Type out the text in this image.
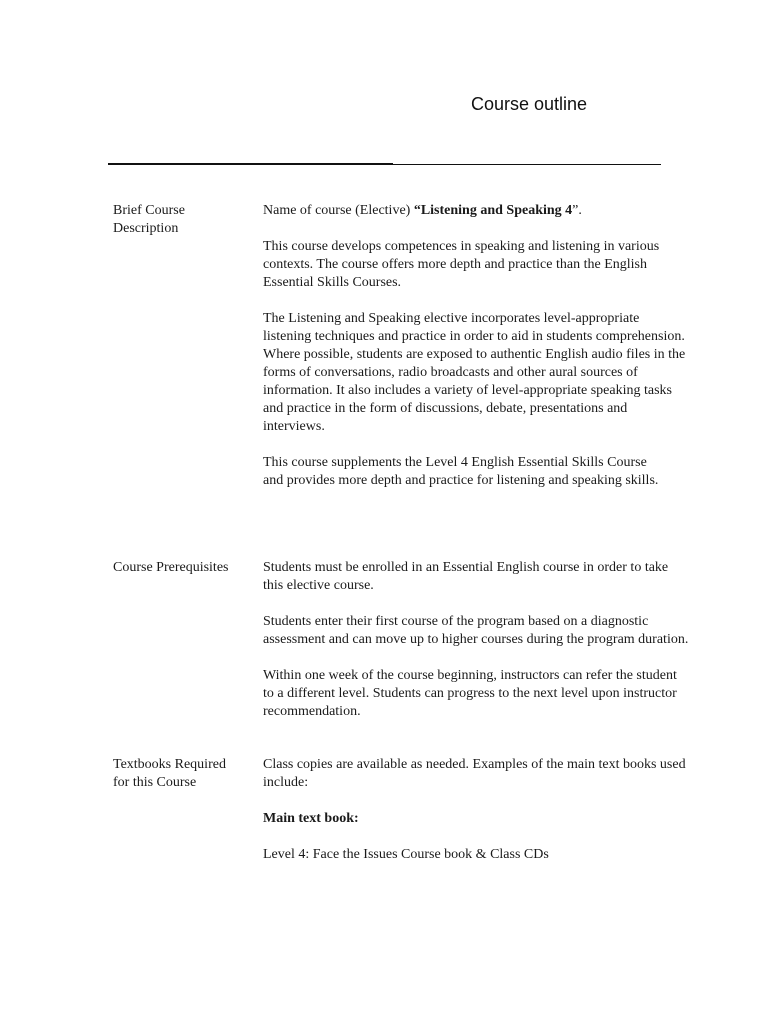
Course outline
Brief Course
Description

Name of course (Elective) “Listening and Speaking 4”.

This course develops competences in speaking and listening in various
contexts. The course offers more depth and practice than the English
Essential Skills Courses.

The Listening and Speaking elective incorporates level-appropriate
listening techniques and practice in order to aid in students comprehension.
Where possible, students are exposed to authentic English audio files in the
forms of conversations, radio broadcasts and other aural sources of
information. It also includes a variety of level-appropriate speaking tasks
and practice in the form of discussions, debate, presentations and
interviews.

This course supplements the Level 4 English Essential Skills Course
and provides more depth and practice for listening and speaking skills.

Course Prerequisites	Students must be enrolled in an Essential English course in order to take
this elective course.

Students enter their first course of the program based on a diagnostic
assessment and can move up to higher courses during the program duration.

Within one week of the course beginning, instructors can refer the student
to a different level. Students can progress to the next level upon instructor
recommendation.

Textbooks Required
for this Course

Class copies are available as needed. Examples of the main text books used
include:

Main text book:

Level 4: Face the Issues Course book & Class CDs
